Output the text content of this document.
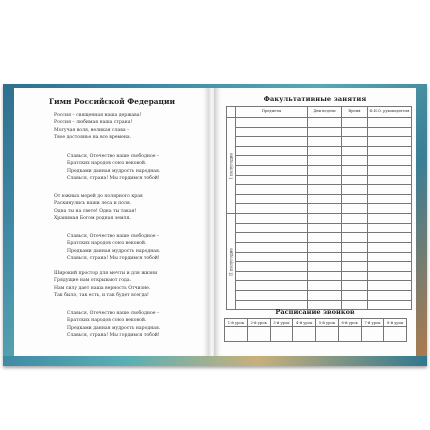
Гимн Российской Федерации
Россия – священная наша держава!
Россия – любимая наша страна!
Могучая воля, великая слава –
Твое достоянье на все времена.
Славься, Отечество наше свободное –
Братских народов союз вековой.
Предками данная мудрость народная.
Славься, страна! Мы гордимся тобой!
От южных морей до полярного края
Раскинулись наши леса и поля.
Одна ты на свете! Одна ты такая!
Хранимая Богом родная земля.
Славься, Отечество наше свободное –
Братских народов союз вековой.
Предками данная мудрость народная.
Славься, страна! Мы гордимся тобой!
Широкий простор для мечты и для жизни
Грядущие нам открывают года.
Нам силу дает наша верность Отчизне.
Так было, так есть, и так будет всегда!
Славься, Отечество наше свободное –
Братских народов союз вековой.
Предками данная мудрость народная.
Славься, страна! Мы гордимся тобой!
Факультативные занятия
	Предметы	Дни недели	Время	Ф.И.О. руководителя

I полугодие				

II полугодие				

Расписание звонков
1-й урок	2-й урок	3-й урок	4-й урок	5-й урок	6-й урок	7-й урок	8-й урок
